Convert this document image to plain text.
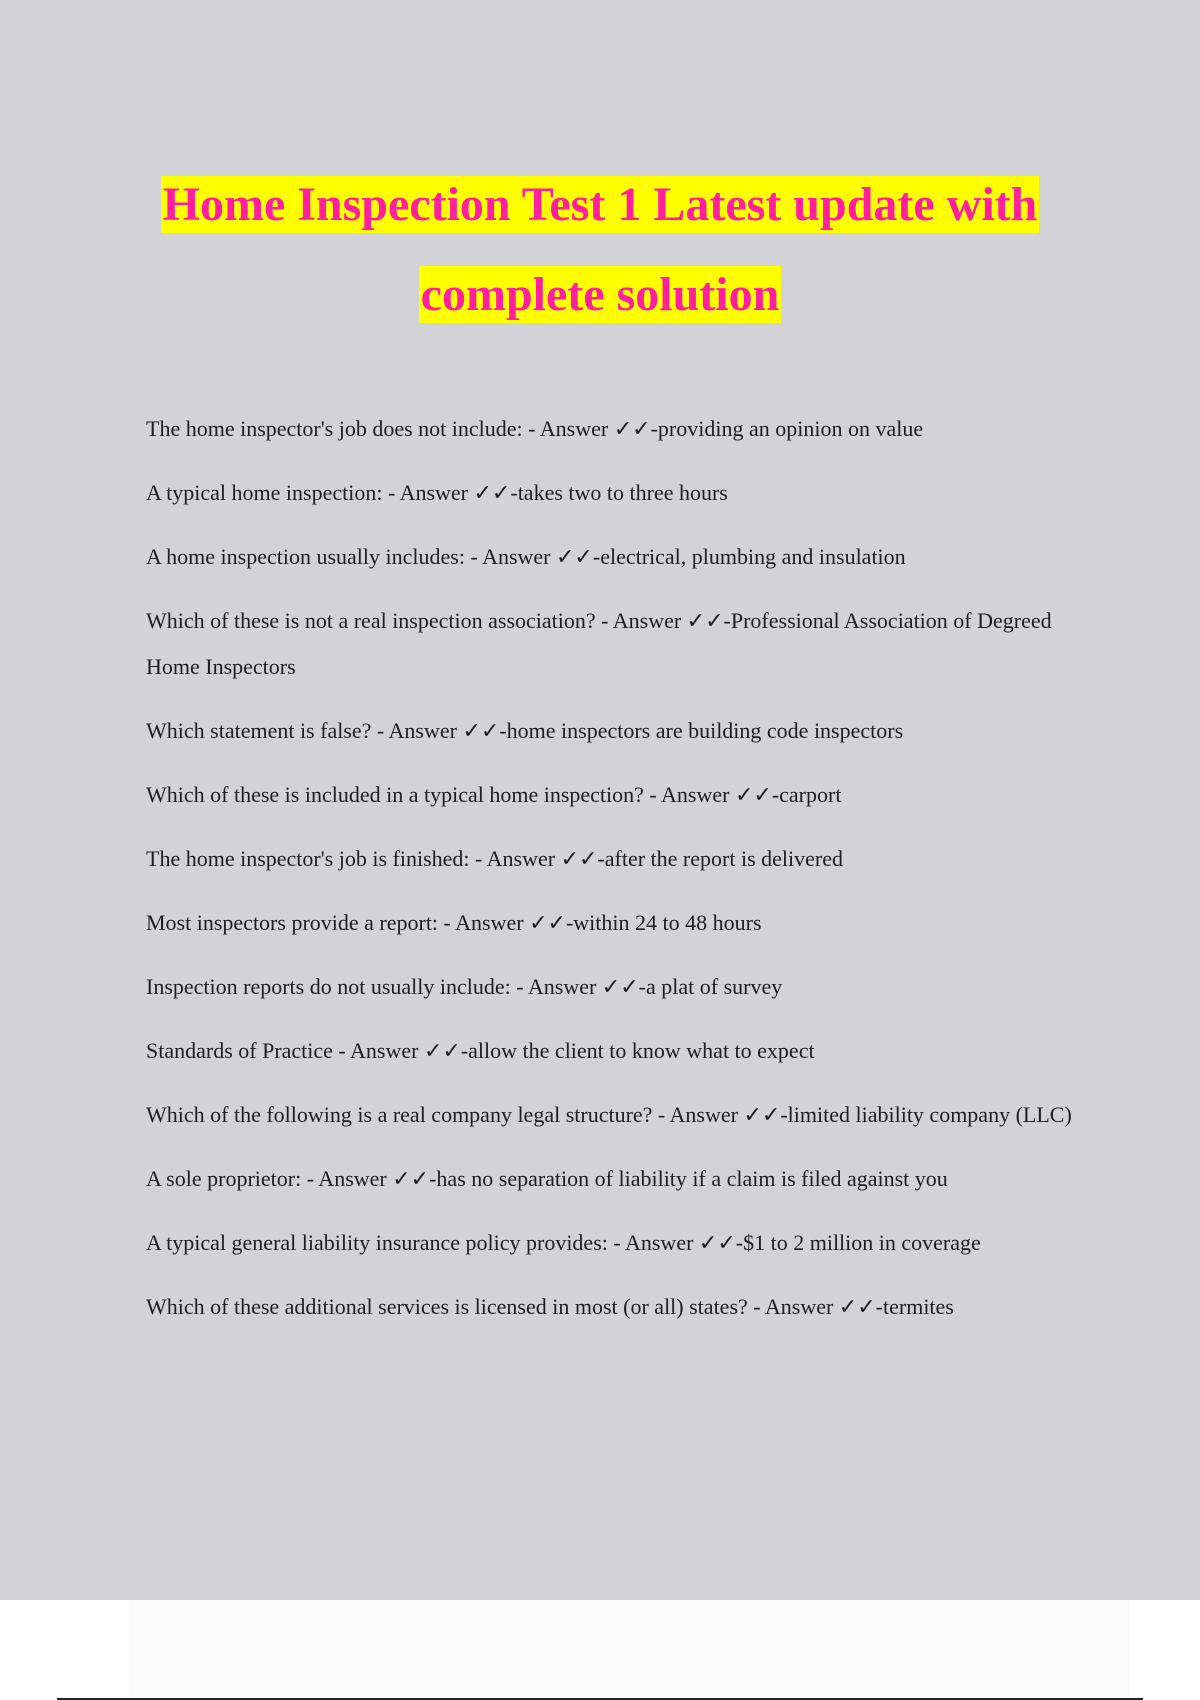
Home Inspection Test 1 Latest update with
complete solution

The home inspector's job does not include: - Answer ✓✓-providing an opinion on value

A typical home inspection: - Answer ✓✓-takes two to three hours

A home inspection usually includes: - Answer ✓✓-electrical, plumbing and insulation

Which of these is not a real inspection association? - Answer ✓✓-Professional Association of Degreed Home Inspectors

Which statement is false? - Answer ✓✓-home inspectors are building code inspectors

Which of these is included in a typical home inspection? - Answer ✓✓-carport

The home inspector's job is finished: - Answer ✓✓-after the report is delivered

Most inspectors provide a report: - Answer ✓✓-within 24 to 48 hours

Inspection reports do not usually include: - Answer ✓✓-a plat of survey

Standards of Practice - Answer ✓✓-allow the client to know what to expect

Which of the following is a real company legal structure? - Answer ✓✓-limited liability company (LLC)

A sole proprietor: - Answer ✓✓-has no separation of liability if a claim is filed against you

A typical general liability insurance policy provides: - Answer ✓✓-$1 to 2 million in coverage

Which of these additional services is licensed in most (or all) states? - Answer ✓✓-termites
